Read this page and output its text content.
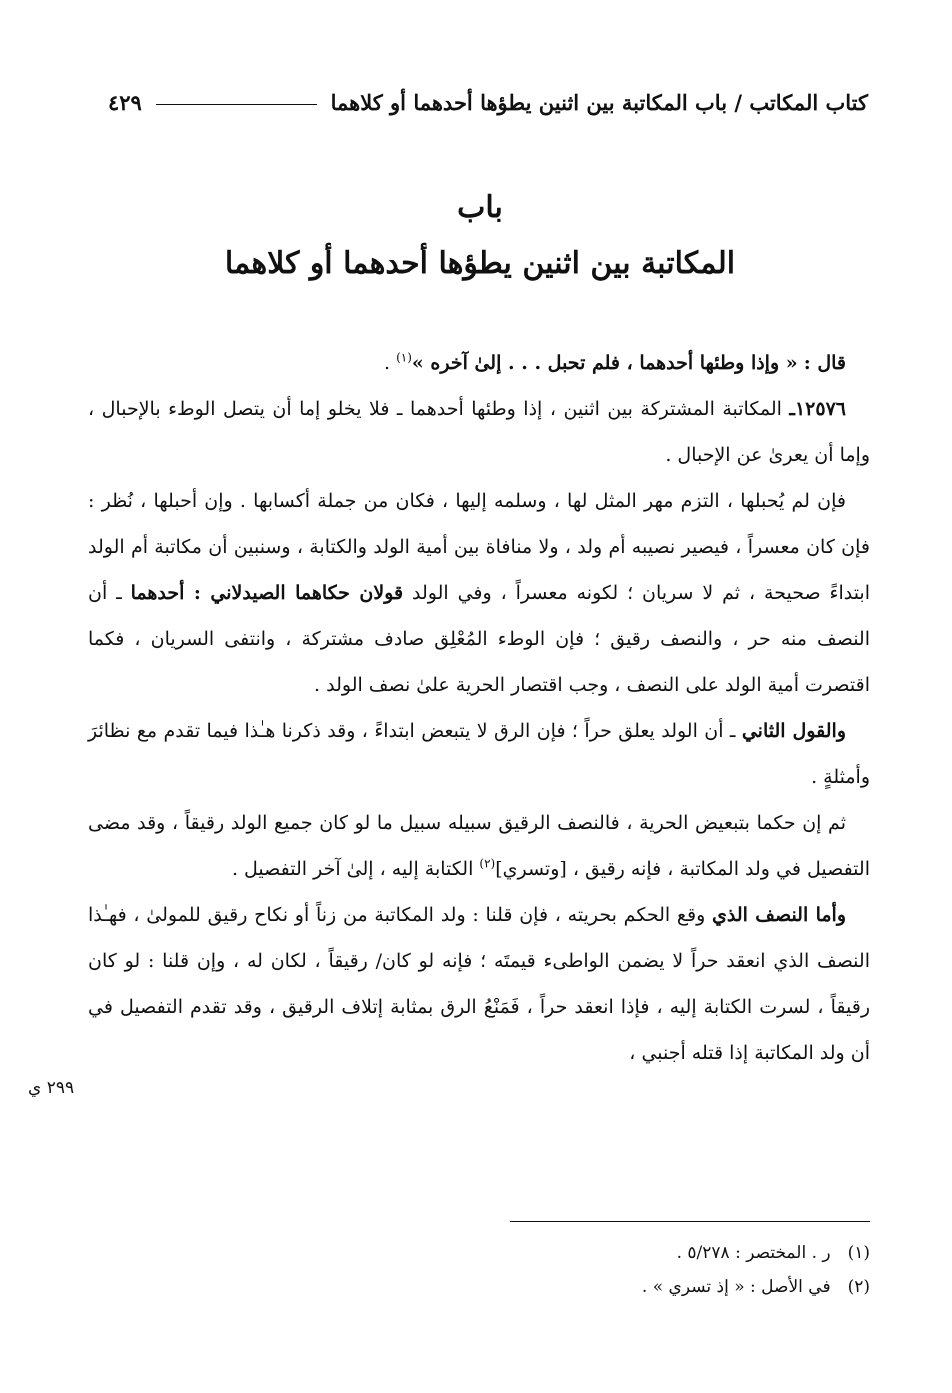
كتاب المكاتب / باب المكاتبة بين اثنين يطؤها أحدهما أو كلاهما
٤٢٩
باب
المكاتبة بين اثنين يطؤها أحدهما أو كلاهما

قال : « وإذا وطئها أحدهما ، فلم تحبل . . . إلىٰ آخره »$^{(١)}$ .

١٢٥٧٦ـ المكاتبة المشتركة بين اثنين ، إذا وطئها أحدهما ـ فلا يخلو إما أن يتصل الوطء بالإحبال ، وإما أن يعرىٰ عن الإحبال .

فإن لم يُحبلها ، التزم مهر المثل لها ، وسلمه إليها ، فكان من جملة أكسابها . وإن أحبلها ، نُظر : فإن كان معسراً ، فيصير نصيبه أم ولد ، ولا منافاة بين أمية الولد والكتابة ، وسنبين أن مكاتبة أم الولد ابتداءً صحيحة ، ثم لا سريان ؛ لكونه معسراً ، وفي الولد قولان حكاهما الصيدلاني : أحدهما ـ أن النصف منه حر ، والنصف رقيق ؛ فإن الوطء المُعْلِق صادف مشتركة ، وانتفى السريان ، فكما اقتصرت أمية الولد على النصف ، وجب اقتصار الحرية علىٰ نصف الولد .

والقول الثاني ـ أن الولد يعلق حراً ؛ فإن الرق لا يتبعض ابتداءً ، وقد ذكرنا هـٰذا فيما تقدم مع نظائرَ وأمثلةٍ .

ثم إن حكما بتبعيض الحرية ، فالنصف الرقيق سبيله سبيل ما لو كان جميع الولد رقيقاً ، وقد مضى التفصيل في ولد المكاتبة ، فإنه رقيق ، [وتسري]$^{(٢)}$ الكتابة إليه ، إلىٰ آخر التفصيل .

وأما النصف الذي وقع الحكم بحريته ، فإن قلنا : ولد المكاتبة من زناً أو نكاح رقيق للمولىٰ ، فهـٰذا النصف الذي انعقد حراً لا يضمن الواطىء قيمتَه ؛ فإنه لو كان/ رقيقاً ، لكان له ، وإن قلنا : لو كان رقيقاً ، لسرت الكتابة إليه ، فإذا انعقد حراً ، فَمَنْعُ الرق بمثابة إتلاف الرقيق ، وقد تقدم التفصيل في أن ولد المكاتبة إذا قتله أجنبي ،

٢٩٩ ي

(١) ر . المختصر : ٥/٢٧٨ .

(٢) في الأصل : « إذ تسري » .
